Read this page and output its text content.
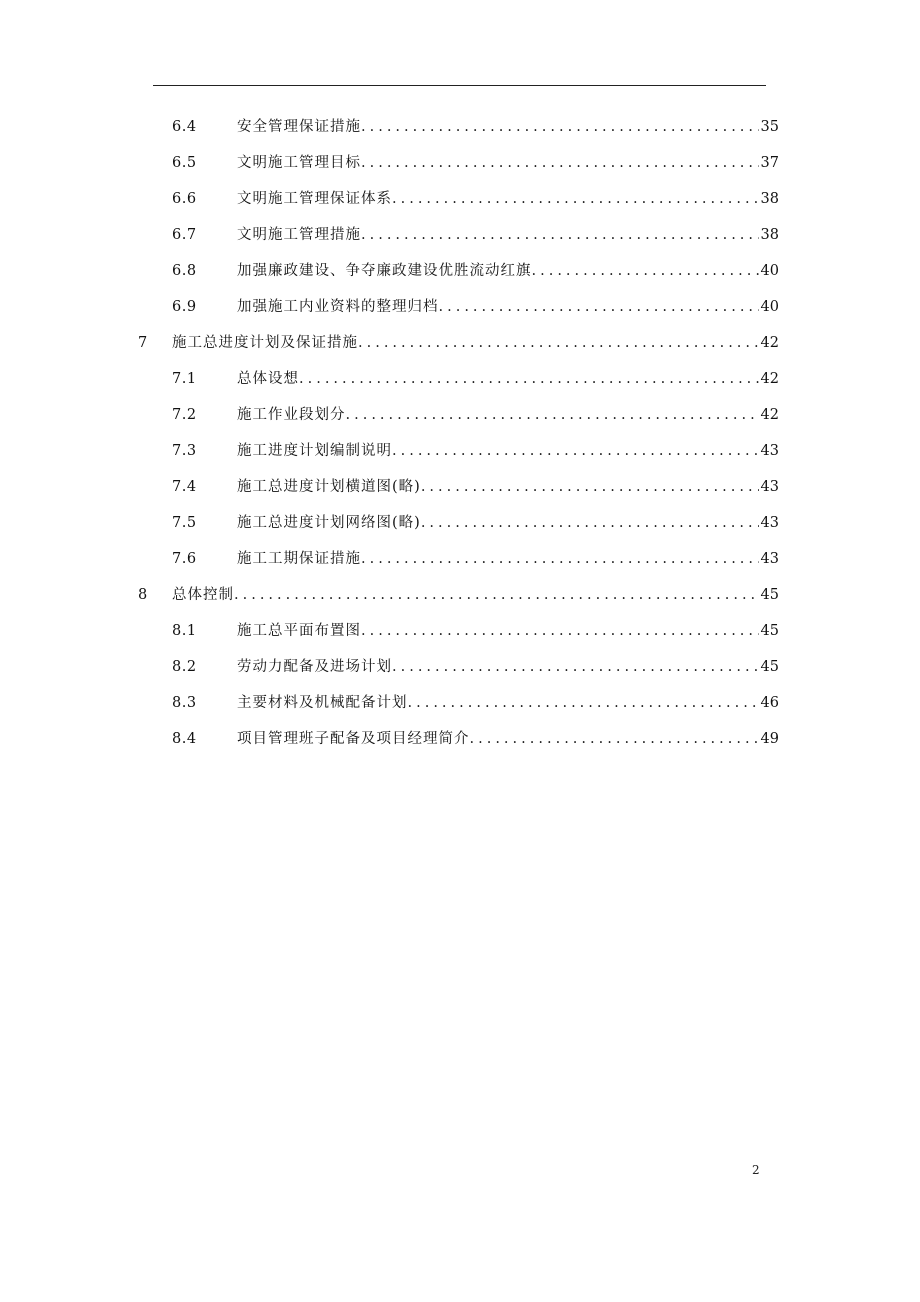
6.4	安全管理保证措施 .....	35
6.5	文明施工管理目标 .....	37
6.6	文明施工管理保证体系 .....	38
6.7	文明施工管理措施 .....	38
6.8	加强廉政建设、争夺廉政建设优胜流动红旗 .....	40
6.9	加强施工内业资料的整理归档 .....	40
7 施工总进度计划及保证措施 .....	42
7.1	总体设想 .....	42
7.2	施工作业段划分 .....	42
7.3	施工进度计划编制说明 .....	43
7.4	施工总进度计划横道图(略) .....	43
7.5	施工总进度计划网络图(略) .....	43
7.6	施工工期保证措施 .....	43
8 总体控制 .....	45
8.1	施工总平面布置图 .....	45
8.2	劳动力配备及进场计划 .....	45
8.3	主要材料及机械配备计划 .....	46
8.4	项目管理班子配备及项目经理简介 .....	49
2
